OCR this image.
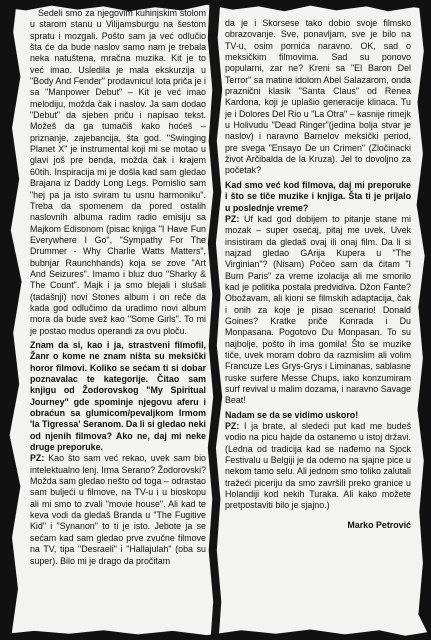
Sedeli smo za njegovim kuhinjskim stolom u starom stanu u Vilijamsburgu na šestom spratu i mozgali. Pošto sam ja već odlučio šta će da bude naslov samo nam je trebala neka natuštena, mračna muzika. Kit je to već imao. Usledila je mala ekskurzija u "Body And Fender" prodavnicu! Iota priča je i sa "Manpower Debut" – Kit je već imao melodiju, možda čak i naslov. Ja sam dodao "Debut" da sjeben priču i napisao tekst. Možeš da ga tumačiš kako hoćeš – priznanje, zajebancija, šta god. "Swinging Planet X" je instrumental koji mi se motao u glavi još pre benda, možda čak i krajem 60tih. Inspiracija mi je došla kad sam gledao Brajana iz Daddy Long Legs. Pomislio sam "hej pa ja isto sviram tu usnu harmoniku". Treba da spomenem da pored ostalih naslovnih albuma radim radio emisiju sa Majkom Edisonom (pisac knjiga "I Have Fun Everywhere I Go", "Sympathy For The Drummer - Why Charlie Watts Matters", bubnjar Raunchhands) koja se zove "Art And Seizures". Imamo i bluz duo "Sharky & The Count". Majk i ja smo blejali i slušali (tadašnji) novi Stones album i on reče da kada god odlučimo da uradimo novi album mora da bude svež kao "Some Girls". To mi je postao modus operandi za ovu ploču.

Znam da si, kao i ja, strastveni filmofil, Žanr o kome ne znam ništa su meksički horor filmovi. Koliko se sećam ti si dobar poznavalac te kategorije. Čitao sam knjigu od Žodorovskog "My Spiritual Journey" gde spominje njegovu aferu i obraćun sa glumicom/pevaljkom Irmom 'la Tigressa' Seranom. Da li si gledao neki od njenih filmova? Ako ne, daj mi neke druge preporuke.

PZ: Kao što sam već rekao, uvek sam bio intelektualno lenj. Irma Serano? Žodorovski? Možda sam gledao nešto od toga – odrastao sam buljeći u filmove, na TV-u i u bioskopu ali mi smo to zvali "movie house". Ali kad te keva vodi da gledaš Branda u "The Fugitive Kid" i "Synanon" to ti je isto. Jebote ja se sećam kad sam gledao prve zvučne filmove na TV, tipa "Desraeli" i "Hallajulah" (oba su super). Bilo mi je drago da pročitam

da je i Skorsese tako dobio svoje filmsko obrazovanje. Sve, ponavljam, sve je bilo na TV-u, osim pornića naravno. OK, sad o meksičkim filmovima. Sad su ponovo popularni, zar ne? Kreni sa "El Baron Del Terror" sa matine idolom Abel Salazarom, onda praznični klasik "Santa Claus" od Renea Kardona, koji je uplašio generacije klinaca. Tu je i Dolores Del Rio u "La Otra" – kasnije rimejk u Holivudu "Dead Ringer"(jedina bolja stvar je naslov) i naravno Barnelov meksički period, pre svega "Ensayo De un Crimen" (Zločinacki život Arčibalda de la Kruza). Jel to dovoljno za početak?

Kad smo već kod filmova, daj mi preporuke i što se tiče muzike i knjiga. Šta ti je prijalo u poslednje vreme?

PZ: Uf kad god dobijem to pitanje stane mi mozak – super osećaj, pitaj me uvek. Uvek insistiram da gledaš ovaj ili onaj film. Da li si najzad gledao GArija Kupera u "The Virginian"? (Nisam) Počeo sam da čitam "I Burn Paris" za vreme izolacija ali me smorilo kad je politika postala predvidiva. Džon Fante? Obožavam, ali kioni se filmskih adaptacija, čak i onih za koje je pisao scenario! Donald Goines? Kratke priče Konrada i Du Monpasana. Pogotovo Du Monpasan. To su najbolje, pošto ih ima gomila! Što se muzike tiče, uvek moram dobro da razmislim ali volim Francuze Les Grys-Grys i Liminanas, sablasne ruske surfere Messe Chups, iako konzumiram surf revival u malim dozama, i naravno Savage Beat!

Nadam se da se vidimo uskoro!

PZ: I ja brate, al sledeći put kad me budeš vodio na picu hajde da ostanemo u istoj državi. (Ledna od tradicija kad se nađemo na Sjock Festivalu u Belgiji je da odemo na sjajne pice u nekom tamo selu. Ali jednom smo toliko zalutali tražeći piceriju da smo završili preko granice u Holandiji kod nekih Turaka. Ali kako možete pretpostaviti bilo je sjajno.)

Marko Petrović
